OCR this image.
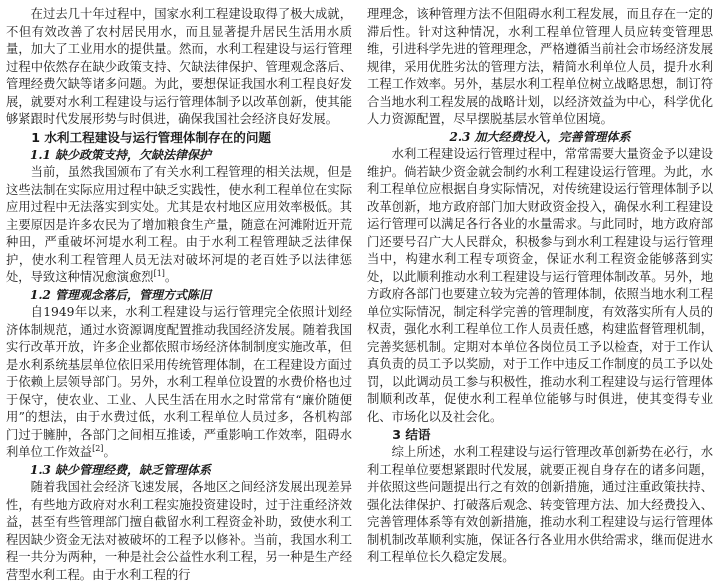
在过去几十年过程中，国家水利工程建设取得了极大成就，不但有效改善了农村居民用水，而且显著提升居民生活用水质量，加大了工业用水的提供量。然而，水利工程建设与运行管理过程中依然存在缺少政策支持、欠缺法律保护、管理观念落后、管理经费欠缺等诸多问题。为此，要想保证我国水利工程良好发展，就要对水利工程建设与运行管理体制予以改革创新，使其能够紧跟时代发展形势与时俱进，确保我国社会经济良好发展。

1 水利工程建设与运行管理体制存在的问题
1.1 缺少政策支持，欠缺法律保护

当前，虽然我国颁布了有关水利工程管理的相关法规，但是这些法制在实际应用过程中缺乏实践性，使水利工程单位在实际应用过程中无法落实到实处。尤其是农村地区应用效率极低。其主要原因是许多农民为了增加粮食生产量，随意在河滩附近开荒种田，严重破坏河堤水利工程。由于水利工程管理缺乏法律保护，使水利工程管理人员无法对破坏河堤的老百姓予以法律惩处，导致这种情况愈演愈烈[1]。

1.2 管理观念落后，管理方式陈旧

自1949年以来，水利工程建设与运行管理完全依照计划经济体制规范，通过水资源调度配置推动我国经济发展。随着我国实行改革开放，许多企业都依照市场经济体制制度实施改革，但是水利系统基层单位依旧采用传统管理体制，在工程建设方面过于依赖上层领导部门。另外，水利工程单位设置的水费价格也过于保守，使农业、工业、人民生活在用水之时常常有“廉价随便用”的想法，由于水费过低，水利工程单位人员过多，各机构部门过于臃肿，各部门之间相互推诿，严重影响工作效率，阻碍水利单位工作效益[2]。

1.3 缺少管理经费，缺乏管理体系

随着我国社会经济飞速发展，各地区之间经济发展出现差异性，有些地方政府对水利工程实施投资建设时，过于注重经济效益，甚至有些管理部门擅自截留水利工程资金补助，致使水利工程因缺少资金无法对被破坏的工程予以修补。当前，我国水利工程一共分为两种，一种是社会公益性水利工程，另一种是生产经营型水利工程。由于水利工程的行

理理念，该种管理方法不但阻碍水利工程发展，而且存在一定的滞后性。针对这种情况，水利工程单位管理人员应转变管理思维，引进科学先进的管理理念，严格遵循当前社会市场经济发展规律，采用优胜劣汰的管理方法，精简水利单位人员，提升水利工程工作效率。另外，基层水利工程单位树立战略思想，制订符合当地水利工程发展的战略计划，以经济效益为中心，科学优化人力资源配置，尽早摆脱基层水管单位困境。

2.3 加大经费投入，完善管理体系

水利工程建设运行管理过程中，常常需要大量资金予以建设维护。倘若缺少资金就会制约水利工程建设运行管理。为此，水利工程单位应根据自身实际情况，对传统建设运行管理体制予以改革创新，地方政府部门加大财政资金投入，确保水利工程建设运行管理可以满足各行各业的水量需求。与此同时，地方政府部门还要号召广大人民群众，积极参与到水利工程建设与运行管理当中，构建水利工程专项资金，保证水利工程资金能够落到实处，以此顺利推动水利工程建设与运行管理体制改革。另外，地方政府各部门也要建立较为完善的管理体制，依照当地水利工程单位实际情况，制定科学完善的管理制度，有效落实所有人员的权责，强化水利工程单位工作人员责任感，构建监督管理机制，完善奖惩机制。定期对本单位各岗位员工予以检查，对于工作认真负责的员工予以奖励，对于工作中违反工作制度的员工予以处罚，以此调动员工参与积极性，推动水利工程建设与运行管理体制顺利改革，促使水利工程单位能够与时俱进，使其变得专业化、市场化以及社会化。

3 结语

综上所述，水利工程建设与运行管理改革创新势在必行，水利工程单位要想紧跟时代发展，就要正视自身存在的诸多问题，并依照这些问题提出行之有效的创新措施，通过注重政策扶持、强化法律保护、打破落后观念、转变管理方法、加大经费投入、完善管理体系等有效创新措施，推动水利工程建设与运行管理体制机制改革顺利实施，保证各行各业用水供给需求，继而促进水利工程单位长久稳定发展。
